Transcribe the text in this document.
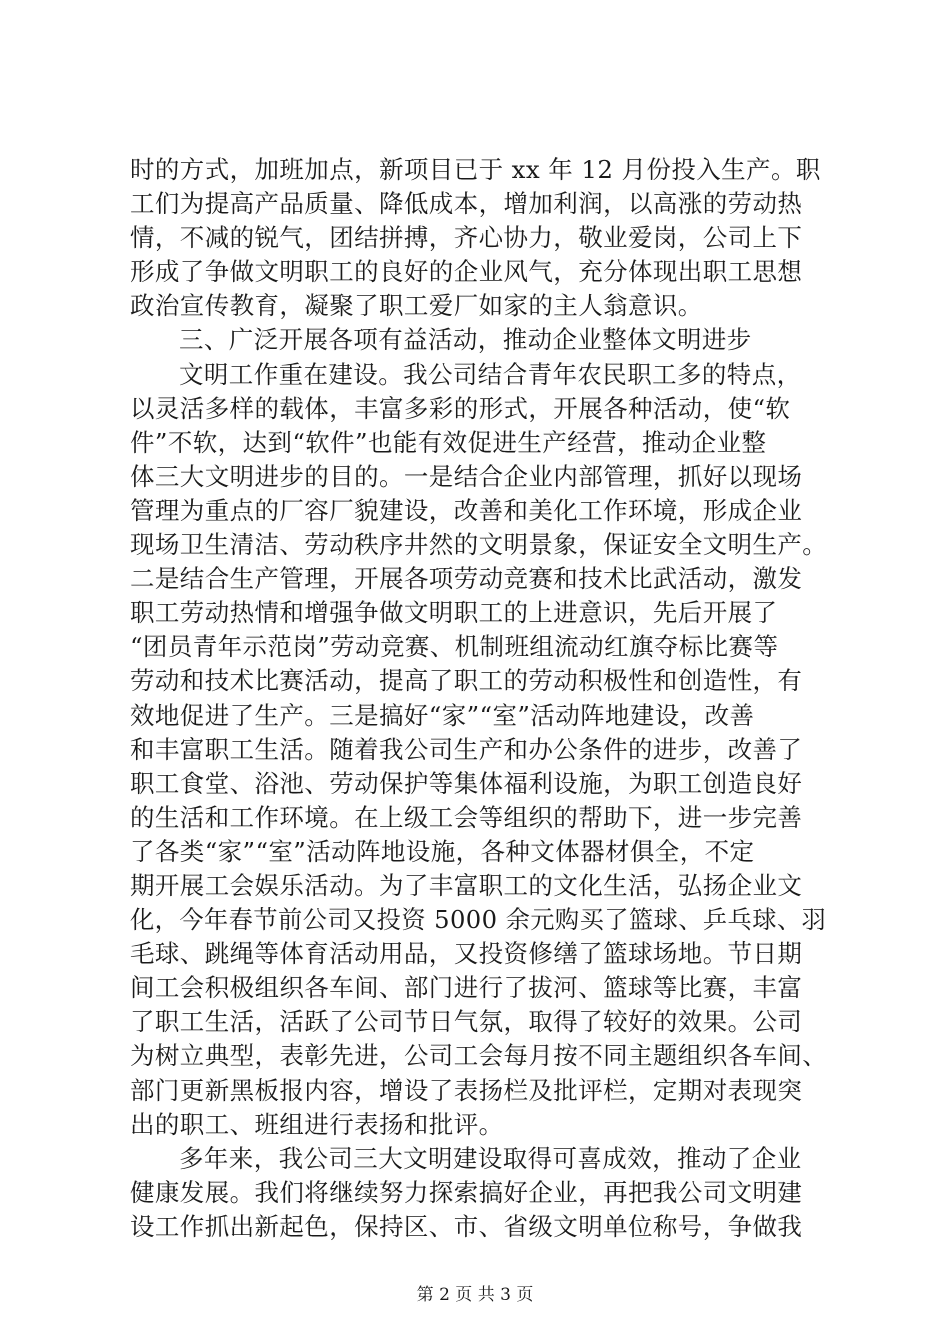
时的方式，加班加点，新项目已于 xx 年 12 月份投入生产。职
工们为提高产品质量、降低成本，增加利润，以高涨的劳动热
情，不减的锐气，团结拼搏，齐心协力，敬业爱岗，公司上下
形成了争做文明职工的良好的企业风气，充分体现出职工思想
政治宣传教育，凝聚了职工爱厂如家的主人翁意识。
三、广泛开展各项有益活动，推动企业整体文明进步
文明工作重在建设。我公司结合青年农民职工多的特点，
以灵活多样的载体，丰富多彩的形式，开展各种活动，使“软
件”不软，达到“软件”也能有效促进生产经营，推动企业整
体三大文明进步的目的。一是结合企业内部管理，抓好以现场
管理为重点的厂容厂貌建设，改善和美化工作环境，形成企业
现场卫生清洁、劳动秩序井然的文明景象，保证安全文明生产。
二是结合生产管理，开展各项劳动竞赛和技术比武活动，激发
职工劳动热情和增强争做文明职工的上进意识，先后开展了
“团员青年示范岗”劳动竞赛、机制班组流动红旗夺标比赛等
劳动和技术比赛活动，提高了职工的劳动积极性和创造性，有
效地促进了生产。三是搞好“家”“室”活动阵地建设，改善
和丰富职工生活。随着我公司生产和办公条件的进步，改善了
职工食堂、浴池、劳动保护等集体福利设施，为职工创造良好
的生活和工作环境。在上级工会等组织的帮助下，进一步完善
了各类“家”“室”活动阵地设施，各种文体器材俱全，不定
期开展工会娱乐活动。为了丰富职工的文化生活，弘扬企业文
化，今年春节前公司又投资 5000 余元购买了篮球、乒乓球、羽
毛球、跳绳等体育活动用品，又投资修缮了篮球场地。节日期
间工会积极组织各车间、部门进行了拔河、篮球等比赛，丰富
了职工生活，活跃了公司节日气氛，取得了较好的效果。公司
为树立典型，表彰先进，公司工会每月按不同主题组织各车间、
部门更新黑板报内容，增设了表扬栏及批评栏，定期对表现突
出的职工、班组进行表扬和批评。
多年来，我公司三大文明建设取得可喜成效，推动了企业
健康发展。我们将继续努力探索搞好企业，再把我公司文明建
设工作抓出新起色，保持区、市、省级文明单位称号，争做我
第 2 页 共 3 页
